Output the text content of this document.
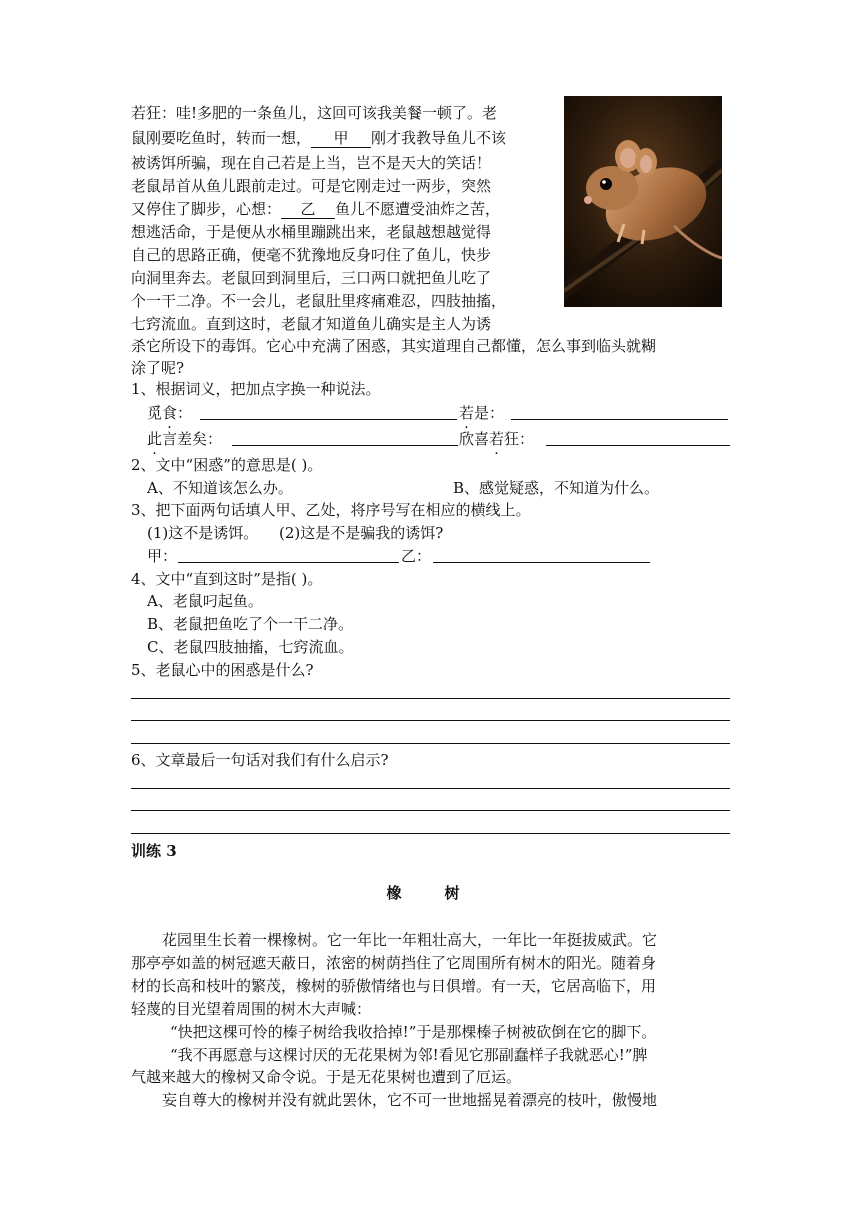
若狂：哇!多肥的一条鱼儿，这回可该我美餐一顿了。老
鼠刚要吃鱼时，转而一想， 甲 刚才我教导鱼儿不该
被诱饵所骗，现在自己若是上当，岂不是天大的笑话！
老鼠昂首从鱼儿跟前走过。可是它刚走过一两步，突然
又停住了脚步，心想： 乙 鱼儿不愿遭受油炸之苦，
想逃活命，于是便从水桶里蹦跳出来，老鼠越想越觉得
自己的思路正确，便毫不犹豫地反身叼住了鱼儿，快步
向洞里奔去。老鼠回到洞里后，三口两口就把鱼儿吃了
个一干二净。不一会儿，老鼠肚里疼痛难忍，四肢抽搐，
七窍流血。直到这时，老鼠才知道鱼儿确实是主人为诱
杀它所设下的毒饵。它心中充满了困惑，其实道理自己都懂，怎么事到临头就糊
涂了呢?
1、根据词义，把加点字换一种说法。
觅食：	若是：
此言差矣：	欣喜若狂：
2、文中“困惑”的意思是( )。
A、不知道该怎么办。	B、感觉疑惑，不知道为什么。
3、把下面两句话填人甲、乙处，将序号写在相应的横线上。
(1)这不是诱饵。 (2)这是不是骗我的诱饵?
甲：	乙：
4、文中“直到这时”是指( )。
A、老鼠叼起鱼。
B、老鼠把鱼吃了个一干二净。
C、老鼠四肢抽搐，七窍流血。
5、老鼠心中的困惑是什么?
6、文章最后一句话对我们有什么启示?
训练 3
橡　树
花园里生长着一棵橡树。它一年比一年粗壮高大，一年比一年挺拔威武。它
那亭亭如盖的树冠遮天蔽日，浓密的树荫挡住了它周围所有树木的阳光。随着身
材的长高和枝叶的繁茂，橡树的骄傲情绪也与日俱增。有一天，它居高临下，用
轻蔑的目光望着周围的树木大声喊：
“快把这棵可怜的榛子树给我收拾掉!”于是那棵榛子树被砍倒在它的脚下。
“我不再愿意与这棵讨厌的无花果树为邻!看见它那副蠢样子我就恶心!”脾
气越来越大的橡树又命令说。于是无花果树也遭到了厄运。
妄自尊大的橡树并没有就此罢休，它不可一世地摇晃着漂亮的枝叶，傲慢地
